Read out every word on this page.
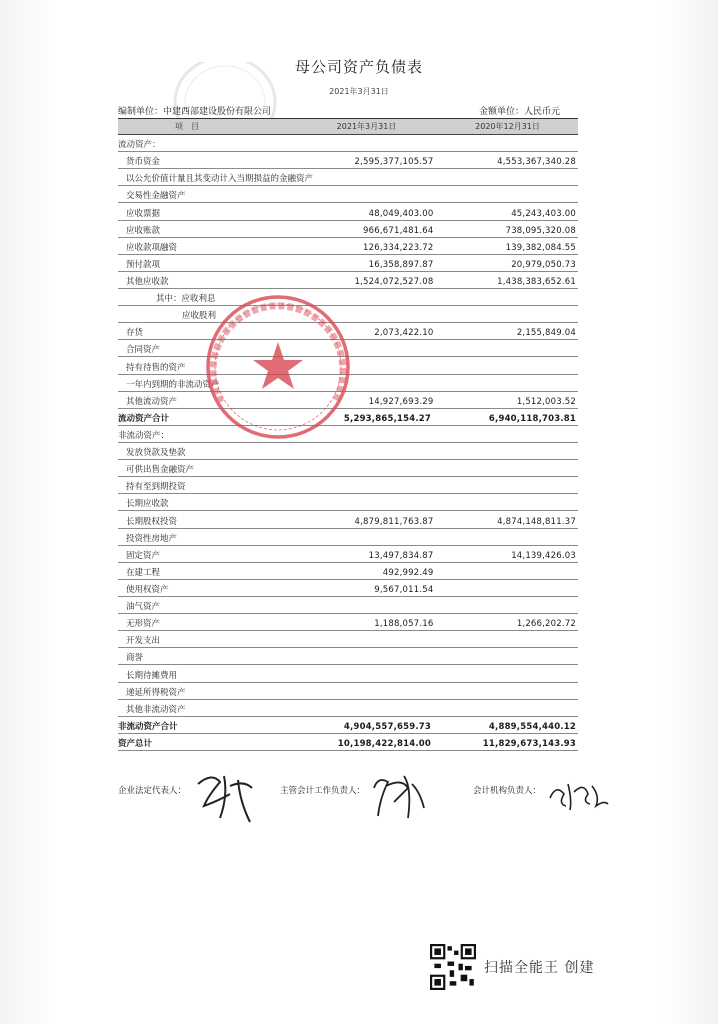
母公司资产负债表
2021年3月31日
编制单位：中建西部建设股份有限公司	金额单位：人民币元
项　目	2021年3月31日	2020年12月31日
流动资产：
货币资金	2,595,377,105.57	4,553,367,340.28
以公允价值计量且其变动计入当期损益的金融资产
交易性金融资产
应收票据	48,049,403.00	45,243,403.00
应收账款	966,671,481.64	738,095,320.08
应收款项融资	126,334,223.72	139,382,084.55
预付款项	16,358,897.87	20,979,050.73
其他应收款	1,524,072,527.08	1,438,383,652.61
其中：应收利息
应收股利
存货	2,073,422.10	2,155,849.04
合同资产
持有待售的资产
一年内到期的非流动资产
其他流动资产	14,927,693.29	1,512,003.52
流动资产合计	5,293,865,154.27	6,940,118,703.81
非流动资产：
发放贷款及垫款
可供出售金融资产
持有至到期投资
长期应收款
长期股权投资	4,879,811,763.87	4,874,148,811.37
投资性房地产
固定资产	13,497,834.87	14,139,426.03
在建工程	492,992.49
使用权资产	9,567,011.54
油气资产
无形资产	1,188,057.16	1,266,202.72
开发支出
商誉
长期待摊费用
递延所得税资产
其他非流动资产
非流动资产合计	4,904,557,659.73	4,889,554,440.12
资产总计	10,198,422,814.00	11,829,673,143.93
企业法定代表人：	主管会计工作负责人：	会计机构负责人：
扫描全能王 创建
